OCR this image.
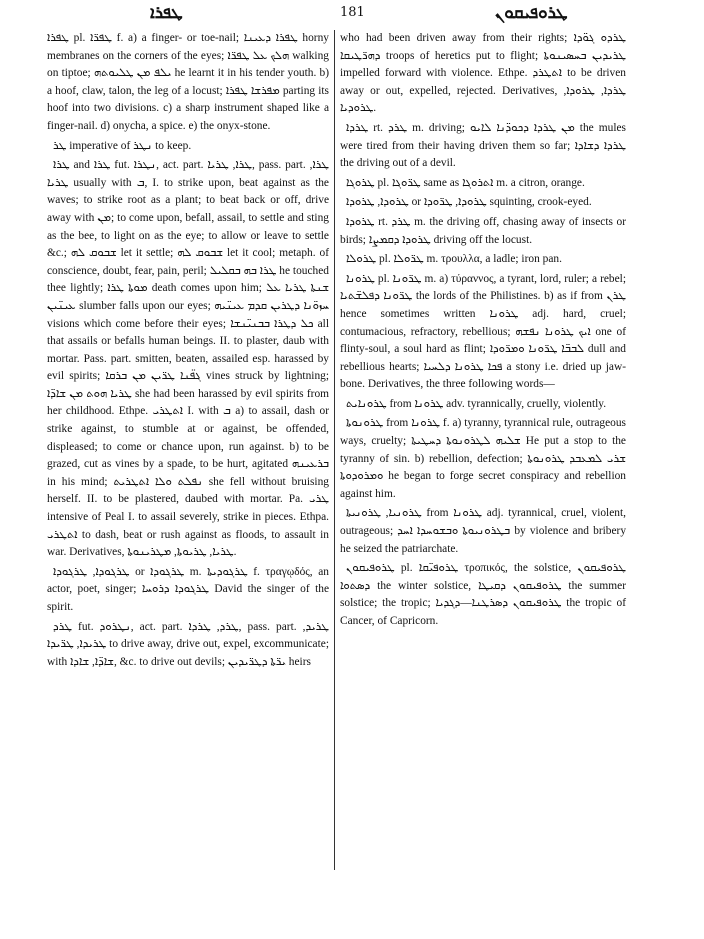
ܛܦܪܐ	181	ܛܪܘܦܝܩܘܢ

ܛܦܪܐ pl. ܛܦܪ̈ܐ f. a) a finger- or toe-nail; ܛܦܪܐ ܕܥܝܢܐ horny membranes on the corners of the eyes; ܗܠܟ ܥܠ ܛܦܪ̈ܐ walking on tiptoe; ܝܠܦ ܡܢ ܛܠܝܘܬܗ he learnt it in his tender youth. b) a hoof, claw, talon, the leg of a locust; ܡܦܪܫܐ ܛܦܪܐ parting its hoof into two divisions. c) a sharp instrument shaped like a finger-nail. d) onycha, a spice. e) the onyx-stone.

ܛܪ imperative of ܢܛܪ to keep.

ܛܪܐ and ܛܪܐ fut. ܢܛܪܐ, act. part. ܛܪܐ, ܛܪܝܐ, pass. part. ܛܪܐ, ܛܪܝܐ usually with ܒ, I. to strike upon, beat against as the waves; to strike root as a plant; to beat back or off, drive away with ܡܢ; to come upon, befall, assail, to settle and sting as the bee, to light on as the eye; to allow or leave to settle &c.; ܫܒܘܩ ܠܗ let it settle; ܫܒܘܩ ܠܗ let it cool; metaph. of conscience, doubt, fear, pain, peril; ܛܪܐ ܒܗ ܒܩܠܝܠ he touched thee lightly; ܡܘܬܐ ܛܪܐ death comes upon him; ܫܢܬܐ ܛܪܝܐ ܥܠ ܥܝܢ̈ܝܢ slumber falls upon our eyes; ܚܙܘ̈ܢܐ ܕܛܪܝܢ ܩܕܡ ܥܝܢ̈ܝܗ visions which come before their eyes; ܟܠ ܕܛܪܐ ܒܒܢܝ̈ܢܫܐ all that assails or befalls human beings. II. to plaster, daub with mortar. Pass. part. smitten, beaten, assailed esp. harassed by evil spirits; ܓܦ̈ܢܐ ܛܪ̈ܝܢ ܡܢ ܒܪܩܐ vines struck by lightning; ܛܪܝܐ ܗܘܬ ܡܢ ܫܐܕ̈ܐ she had been harassed by evil spirits from her childhood. Ethpe. ܐܬܛܪܝ I. with ܒ a) to assail, dash or strike against, to stumble at or against, be offended, displeased; to come or chance upon, run against. b) to be grazed, cut as vines by a spade, to be hurt, agitated ܒܪܥܝܢܗ in his mind; ܢܦܠܬ ܘܠܐ ܐܬܛܪܝܬ she fell without bruising herself. II. to be plastered, daubed with mortar. Pa. ܛܪܝ intensive of Peal I. to assail severely, strike in pieces. Ethpa. ܐܬܛܪܝ to dash, beat or rush against as floods, to assault in war. Derivatives, ܛܪܝܐ, ܛܪܝܘܬܐ, ܡܛܪܝܢܘܬܐ.

ܛܪܓܘܕܐ, ܛܪܓܘܕܐ or ܛܪܓܘܕܐ m. ܛܪܓܘܕܝܬܐ f. τραγῳδός, an actor, poet, singer; ܛܪܓܘܕܐ ܕܪܘܚܐ David the singer of the spirit.

ܛܪܕ fut. ܢܛܪܘܕ, act. part. ܛܪܕ, ܛܪܕܐ, pass. part. ܛܪܝܕ, ܛܪܝܕܐ, ܛܪ̈ܝܕܐ to drive away, drive out, expel, excommunicate; with ܫܐܕ̈ܐ, ܫܐܕܐ, &c. to drive out devils; ܝܪ̈ܬܐ ܕܛܪ̈ܝܕܝܢ heirs

who had been driven away from their rights; ܛܪܕܘ ܓܘ̈ܕܐ ܕܗܪ̈ܛܝܩܐ troops of heretics put to flight; ܛܪܝܕܝܢ ܒܚܣܝܢܘܬܐ impelled forward with violence. Ethpe. ܐܬܛܪܕ to be driven away or out, expelled, rejected. Derivatives, ܛܪܕܐ, ܛܪܘܕܐ, ܛܪܘܕܝܐ.

ܛܪܕܐ rt. ܛܪܕ m. driving; ܡܢ ܛܪܕܐ ܕܟܘܕ̈ܢܐ ܠܐܝܘ the mules were tired from their having driven them so far; ܛܪܕܐ ܕܫܐܕܐ the driving out of a devil.

ܛܪܘܓܐ pl. ܛܪ̈ܘܓܐ same as ܐܬܪܘܓܐ m. a citron, orange.

ܛܪܘܕܐ, ܛܪܘܕܐ or ܛܪܘܕܐ, ܛܪ̈ܘܕܐ squinting, crook-eyed.

ܛܪܘܕܐ rt. ܛܪܕ m. the driving off, chasing away of insects or birds; ܛܪܘܕܐ ܕܩܡܨܐ driving off the locust.

ܛܪܘܠܐ pl. ܛܪ̈ܘܠܐ m. τρουλλα, a ladle; iron pan.

ܛܪܘܢܐ pl. ܛܪ̈ܘܢܐ m. a) τύραννος, a tyrant, lord, ruler; a rebel; ܛܪ̈ܘܢܐ ܕܦܠܫ̈ܬܝܐ the lords of the Philistines. b) as if from ܛܪܢ hence sometimes written ܛܪܘܢܐ adj. hard, cruel; contumacious, refractory, rebellious; ܐܝܟ ܛܪܘܢܐ ܢܦܫܗ one of flinty-soul, a soul hard as flint; ܠܒܒ̈ܐ ܛܪ̈ܘܢܐ ܘܡܪ̈ܘܕܐ dull and rebellious hearts; ܦܟܐ ܛܪܘܢܐ ܕܠܚܝܐ a stony i.e. dried up jaw-bone. Derivatives, the three following words—

ܛܪܘܢܐܝܬ from ܛܪܘܢܐ adv. tyrannically, cruelly, violently.

ܛܪܘܢܘܬܐ from ܛܪܘܢܐ f. a) tyranny, tyrannical rule, outrageous ways, cruelty; ܫܠܝܗ ܠܛܪܘܢܘܬܐ ܕܚܛܝܬܐ He put a stop to the tyranny of sin. b) rebellion, defection; ܫܪܝ ܠܡܥܒܕ ܛܪܘܢܘܬܐ ܘܡܪܘܕܘܬܐ he began to forge secret conspiracy and rebellion against him.

ܛܪܘܢܝܐ, ܛܪܘܢܝܬܐ from ܛܪܘܢܐ adj. tyrannical, cruel, violent, outrageous; ܒܛܪܘܢܝܘܬܐ ܘܒܫܘܚܕܐ ܐܚܕ by violence and bribery he seized the patriarchate.

ܛܪܘܦܝܩܘܢ pl. ܛܪܘܦܝ̈ܩܐ τροπικός, the solstice, ܛܪܘܦܝܩܘܢ ܕܣܬܘܐ the winter solstice, ܛܪܘܦܝܩܘܢ ܕܩܝܛܐ the summer solstice; the tropic; ܛܪܘܦܝܩܘܢ ܕܣܪܛܢܐ—ܕܓܕܝܐ the tropic of Cancer, of Capricorn.
